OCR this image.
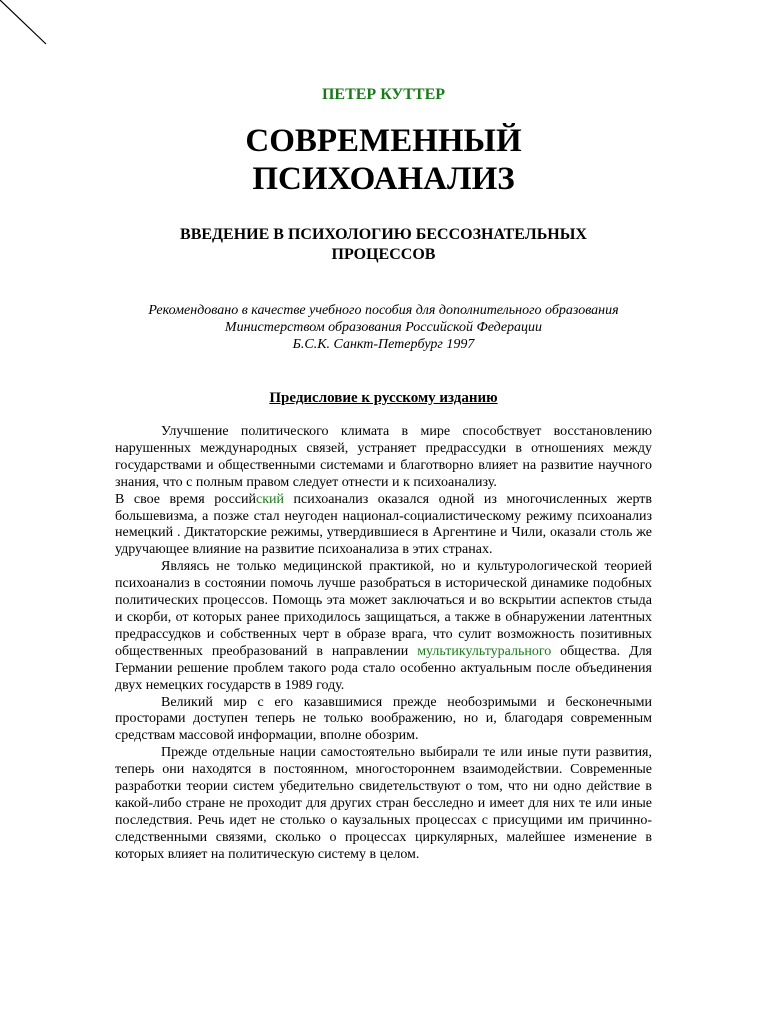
ПЕТЕР КУТТЕР
СОВРЕМЕННЫЙ
ПСИХОАНАЛИЗ
ВВЕДЕНИЕ В ПСИХОЛОГИЮ БЕССОЗНАТЕЛЬНЫХ
ПРОЦЕССОВ
Рекомендовано в качестве учебного пособия для дополнительного образования
Министерством образования Российской Федерации
Б.С.К. Санкт-Петербург 1997
Предисловие к русскому изданию

Улучшение политического климата в мире способствует восстановлению нарушенных международных связей, устраняет предрассудки в отношениях между государствами и общественными системами и благотворно влияет на развитие научного знания, что с полным правом следует отнести и к психоанализу.

В свое время российский психоанализ оказался одной из многочисленных жертв большевизма, а позже стал неугоден национал-социалистическому режиму психоанализ немецкий . Диктаторские режимы, утвердившиеся в Аргентине и Чили, оказали столь же удручающее влияние на развитие психоанализа в этих странах.

Являясь не только медицинской практикой, но и культурологической теорией психоанализ в состоянии помочь лучше разобраться в исторической динамике подобных политических процессов. Помощь эта может заключаться и во вскрытии аспектов стыда и скорби, от которых ранее приходилось защищаться, а также в обнаружении латентных предрассудков и собственных черт в образе врага, что сулит возможность позитивных общественных преобразований в направлении мультикультурального общества. Для Германии решение проблем такого рода стало особенно актуальным после объединения двух немецких государств в 1989 году.

Великий мир с его казавшимися прежде необозримыми и бесконечными просторами доступен теперь не только воображению, но и, благодаря современным средствам массовой информации, вполне обозрим.

Прежде отдельные нации самостоятельно выбирали те или иные пути развития, теперь они находятся в постоянном, многостороннем взаимодействии. Современные разработки теории систем убедительно свидетельствуют о том, что ни одно действие в какой-либо стране не проходит для других стран бесследно и имеет для них те или иные последствия. Речь идет не столько о каузальных процессах с присущими им причинно-следственными связями, сколько о процессах циркулярных, малейшее изменение в которых влияет на политическую систему в целом.
